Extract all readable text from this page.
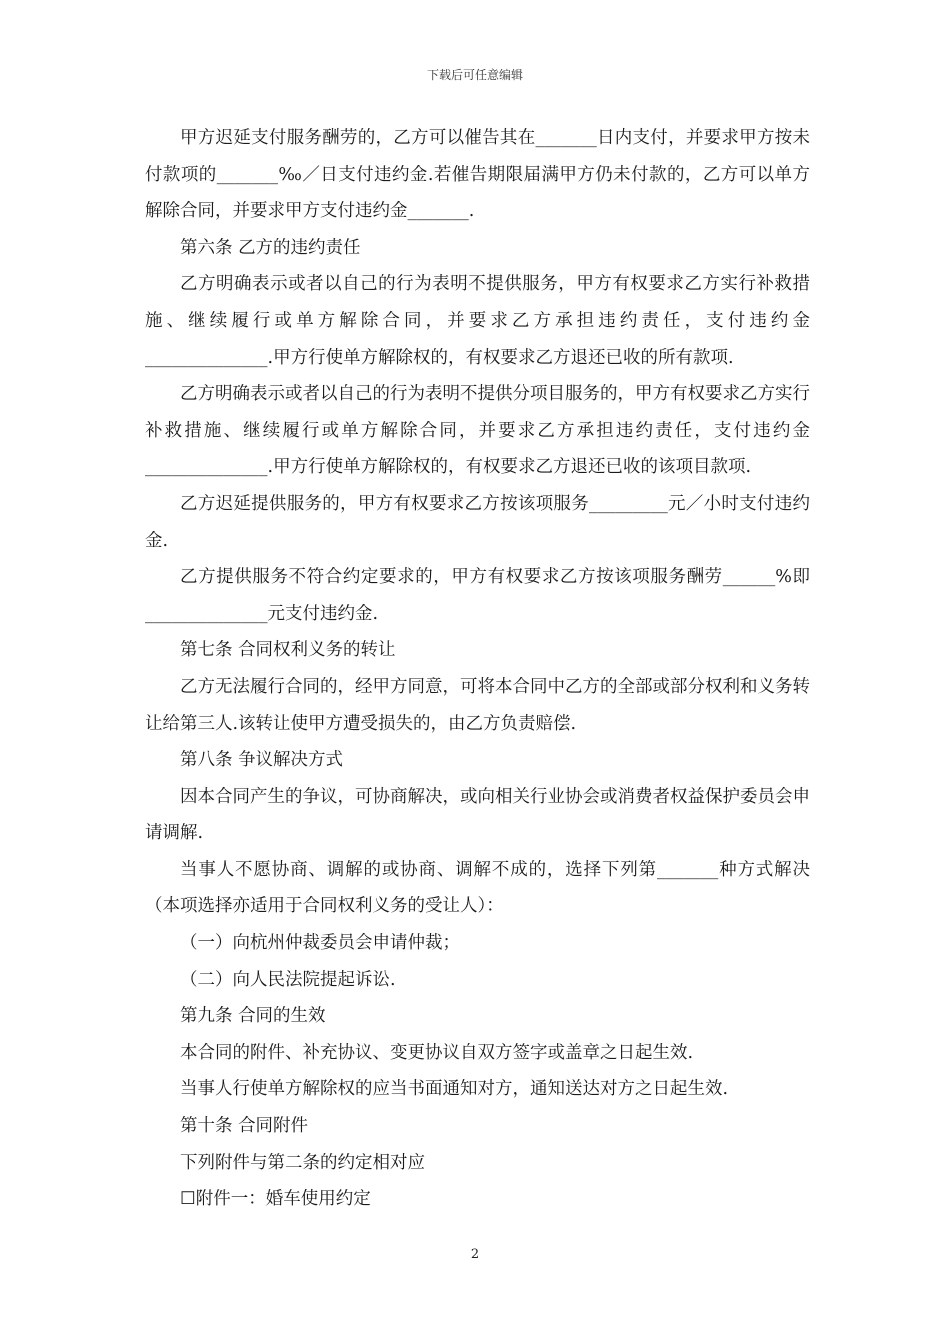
下载后可任意编辑

甲方迟延支付服务酬劳的，乙方可以催告其在_______日内支付，并要求甲方按未付款项的_______‰／日支付违约金.若催告期限届满甲方仍未付款的，乙方可以单方解除合同，并要求甲方支付违约金_______.

第六条 乙方的违约责任

乙方明确表示或者以自己的行为表明不提供服务，甲方有权要求乙方实行补救措施、继续履行或单方解除合同，并要求乙方承担违约责任，支付违约金______________.甲方行使单方解除权的，有权要求乙方退还已收的所有款项.

乙方明确表示或者以自己的行为表明不提供分项目服务的，甲方有权要求乙方实行补救措施、继续履行或单方解除合同，并要求乙方承担违约责任，支付违约金______________.甲方行使单方解除权的，有权要求乙方退还已收的该项目款项.

乙方迟延提供服务的，甲方有权要求乙方按该项服务_________元／小时支付违约金.

乙方提供服务不符合约定要求的，甲方有权要求乙方按该项服务酬劳______%即______________元支付违约金.

第七条 合同权利义务的转让

乙方无法履行合同的，经甲方同意，可将本合同中乙方的全部或部分权利和义务转让给第三人.该转让使甲方遭受损失的，由乙方负责赔偿.

第八条 争议解决方式

因本合同产生的争议，可协商解决，或向相关行业协会或消费者权益保护委员会申请调解.

当事人不愿协商、调解的或协商、调解不成的，选择下列第_______种方式解决（本项选择亦适用于合同权利义务的受让人）：

（一）向杭州仲裁委员会申请仲裁；

（二）向人民法院提起诉讼.

第九条 合同的生效

本合同的附件、补充协议、变更协议自双方签字或盖章之日起生效.

当事人行使单方解除权的应当书面通知对方，通知送达对方之日起生效.

第十条 合同附件

下列附件与第二条的约定相对应

☐附件一：婚车使用约定

2
